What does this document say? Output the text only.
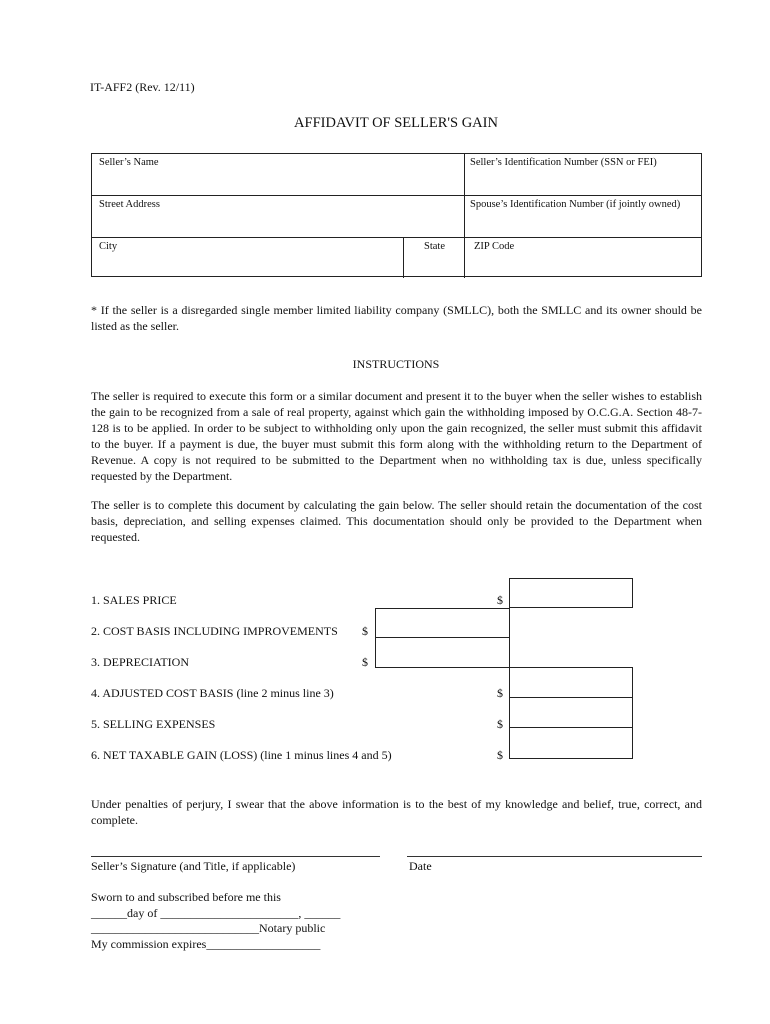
IT-AFF2 (Rev. 12/11)
AFFIDAVIT OF SELLER'S GAIN
Seller’s Name	Seller’s Identification Number (SSN or FEI)
Street Address	Spouse’s Identification Number (if jointly owned)
City	State	ZIP Code
* If the seller is a disregarded single member limited liability company (SMLLC), both the SMLLC and its owner should be listed as the seller.
INSTRUCTIONS
The seller is required to execute this form or a similar document and present it to the buyer when the seller wishes to establish the gain to be recognized from a sale of real property, against which gain the withholding imposed by O.C.G.A. Section 48-7-128 is to be applied. In order to be subject to withholding only upon the gain recognized, the seller must submit this affidavit to the buyer. If a payment is due, the buyer must submit this form along with the withholding return to the Department of Revenue. A copy is not required to be submitted to the Department when no withholding tax is due, unless specifically requested by the Department.
The seller is to complete this document by calculating the gain below. The seller should retain the documentation of the cost basis, depreciation, and selling expenses claimed. This documentation should only be provided to the Department when requested.
1. SALES PRICE	$
2. COST BASIS INCLUDING IMPROVEMENTS $
3. DEPRECIATION	$
4. ADJUSTED COST BASIS (line 2 minus line 3)	$
5. SELLING EXPENSES	$
6. NET TAXABLE GAIN (LOSS) (line 1 minus lines 4 and 5)	$
Under penalties of perjury, I swear that the above information is to the best of my knowledge and belief, true, correct, and complete.
Seller’s Signature (and Title, if applicable)	Date
Sworn to and subscribed before me this
______day of _______________________, ______
____________________________Notary public
My commission expires___________________
